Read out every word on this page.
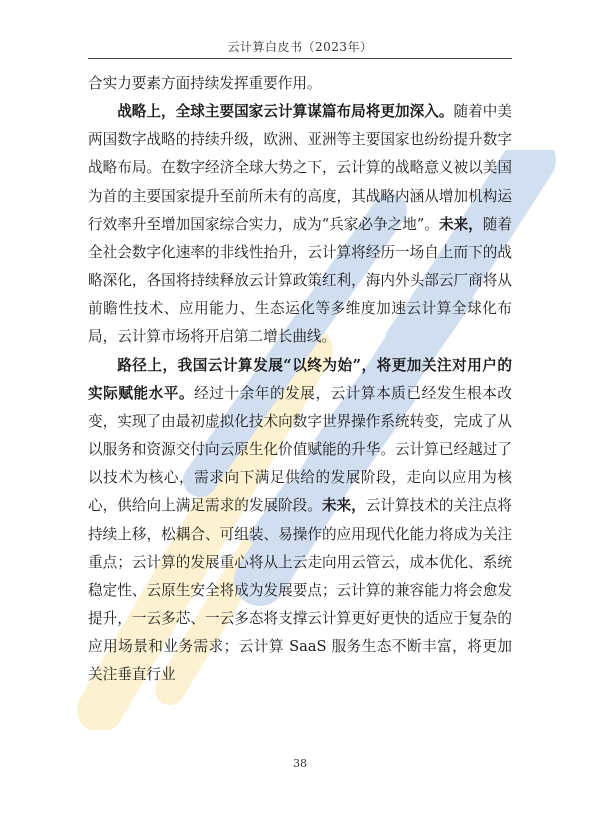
云计算白皮书（2023年）

合实力要素方面持续发挥重要作用。

战略上，全球主要国家云计算谋篇布局将更加深入。随着中美两国数字战略的持续升级，欧洲、亚洲等主要国家也纷纷提升数字战略布局。在数字经济全球大势之下，云计算的战略意义被以美国为首的主要国家提升至前所未有的高度，其战略内涵从增加机构运行效率升至增加国家综合实力，成为“兵家必争之地”。未来，随着全社会数字化速率的非线性抬升，云计算将经历一场自上而下的战略深化，各国将持续释放云计算政策红利，海内外头部云厂商将从前瞻性技术、应用能力、生态运化等多维度加速云计算全球化布局，云计算市场将开启第二增长曲线。

路径上，我国云计算发展“以终为始”，将更加关注对用户的实际赋能水平。经过十余年的发展，云计算本质已经发生根本改变，实现了由最初虚拟化技术向数字世界操作系统转变，完成了从以服务和资源交付向云原生化价值赋能的升华。云计算已经越过了以技术为核心，需求向下满足供给的发展阶段，走向以应用为核心，供给向上满足需求的发展阶段。未来，云计算技术的关注点将持续上移，松耦合、可组装、易操作的应用现代化能力将成为关注重点；云计算的发展重心将从上云走向用云管云，成本优化、系统稳定性、云原生安全将成为发展要点；云计算的兼容能力将会愈发提升，一云多芯、一云多态将支撑云计算更好更快的适应于复杂的应用场景和业务需求；云计算 SaaS 服务生态不断丰富，将更加关注垂直行业

38
